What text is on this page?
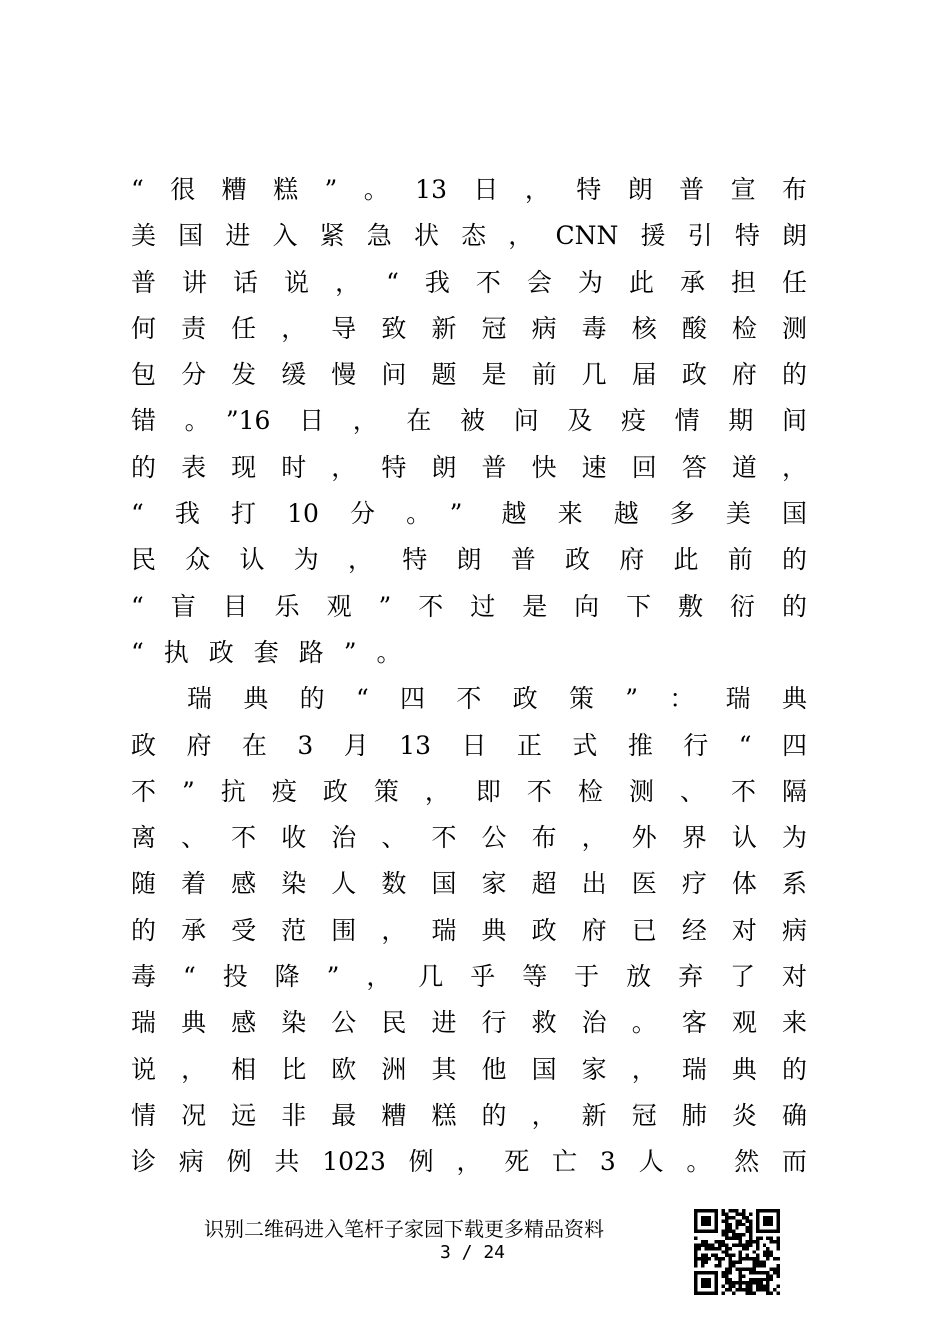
“很糟糕”。13日，特朗普宣布
美国进入紧急状态，CNN援引特朗
普讲话说，“我不会为此承担任
何责任，导致新冠病毒核酸检测
包分发缓慢问题是前几届政府的
错。”16日，在被问及疫情期间
的表现时，特朗普快速回答道，
“我打10分。” 越来越多美国
民众认为，特朗普政府此前的
“盲目乐观”不过是向下敷衍的
“执政套路”。
瑞典的“四不政策”：瑞典
政府在3月13日正式推行“四
不”抗疫政策，即不检测、不隔
离、不收治、不公布，外界认为
随着感染人数国家超出医疗体系
的承受范围，瑞典政府已经对病
毒“投降”，几乎等于放弃了对
瑞典感染公民进行救治。客观来
说，相比欧洲其他国家，瑞典的
情况远非最糟糕的，新冠肺炎确
诊病例共1023例，死亡3人。然而
识别二维码进入笔杆子家园下载更多精品资料
3 / 24
